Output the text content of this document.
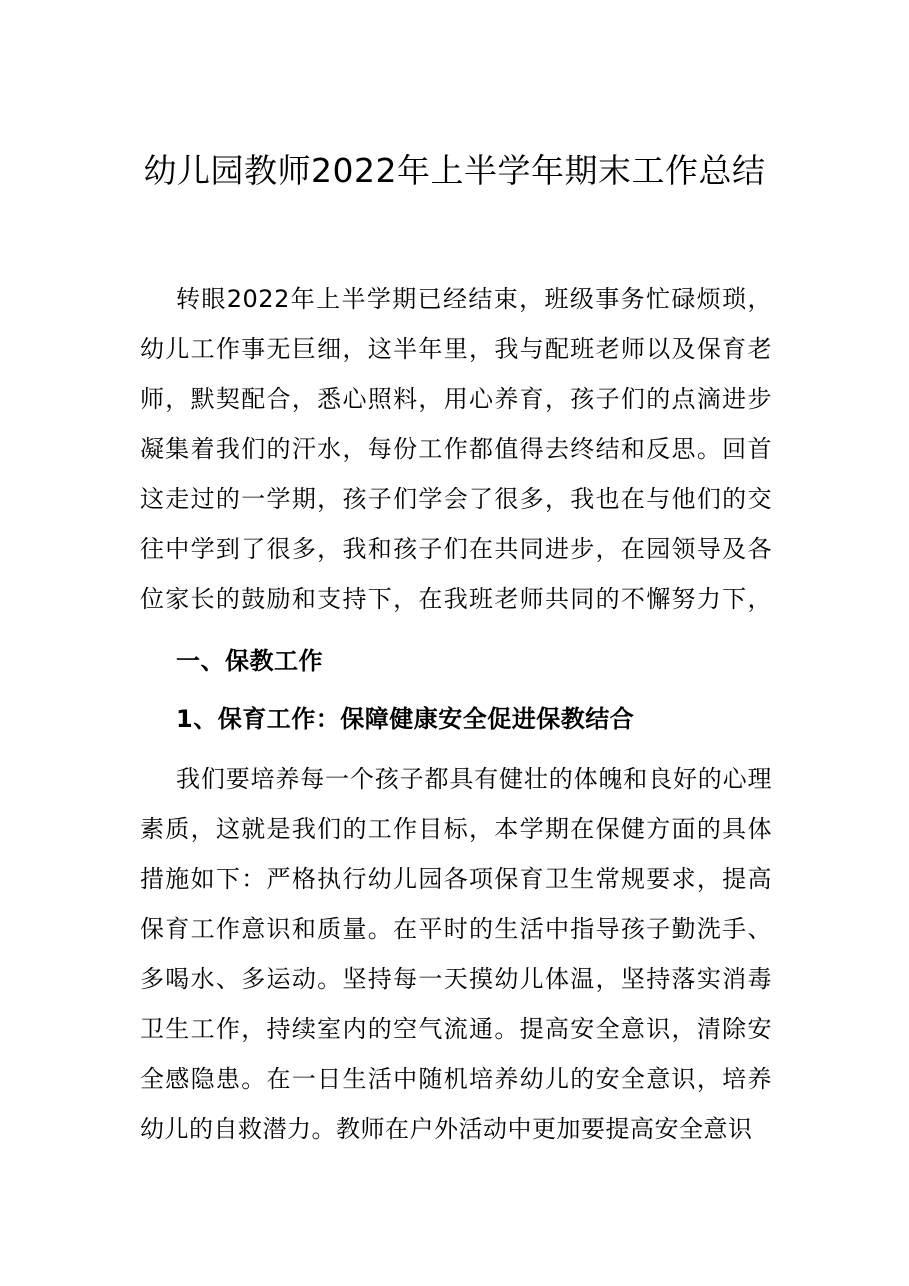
幼儿园教师2022年上半学年期末工作总结

转眼2022年上半学期已经结束，班级事务忙碌烦琐，幼儿工作事无巨细，这半年里，我与配班老师以及保育老师，默契配合，悉心照料，用心养育，孩子们的点滴进步凝集着我们的汗水，每份工作都值得去终结和反思。回首这走过的一学期，孩子们学会了很多，我也在与他们的交往中学到了很多，我和孩子们在共同进步，在园领导及各位家长的鼓励和支持下，在我班老师共同的不懈努力下，

一、保教工作
1、保育工作：保障健康安全促进保教结合

我们要培养每一个孩子都具有健壮的体魄和良好的心理素质，这就是我们的工作目标，本学期在保健方面的具体措施如下：严格执行幼儿园各项保育卫生常规要求，提高保育工作意识和质量。在平时的生活中指导孩子勤洗手、多喝水、多运动。坚持每一天摸幼儿体温，坚持落实消毒卫生工作，持续室内的空气流通。提高安全意识，清除安全感隐患。在一日生活中随机培养幼儿的安全意识，培养幼儿的自救潜力。教师在户外活动中更加要提高安全意识
